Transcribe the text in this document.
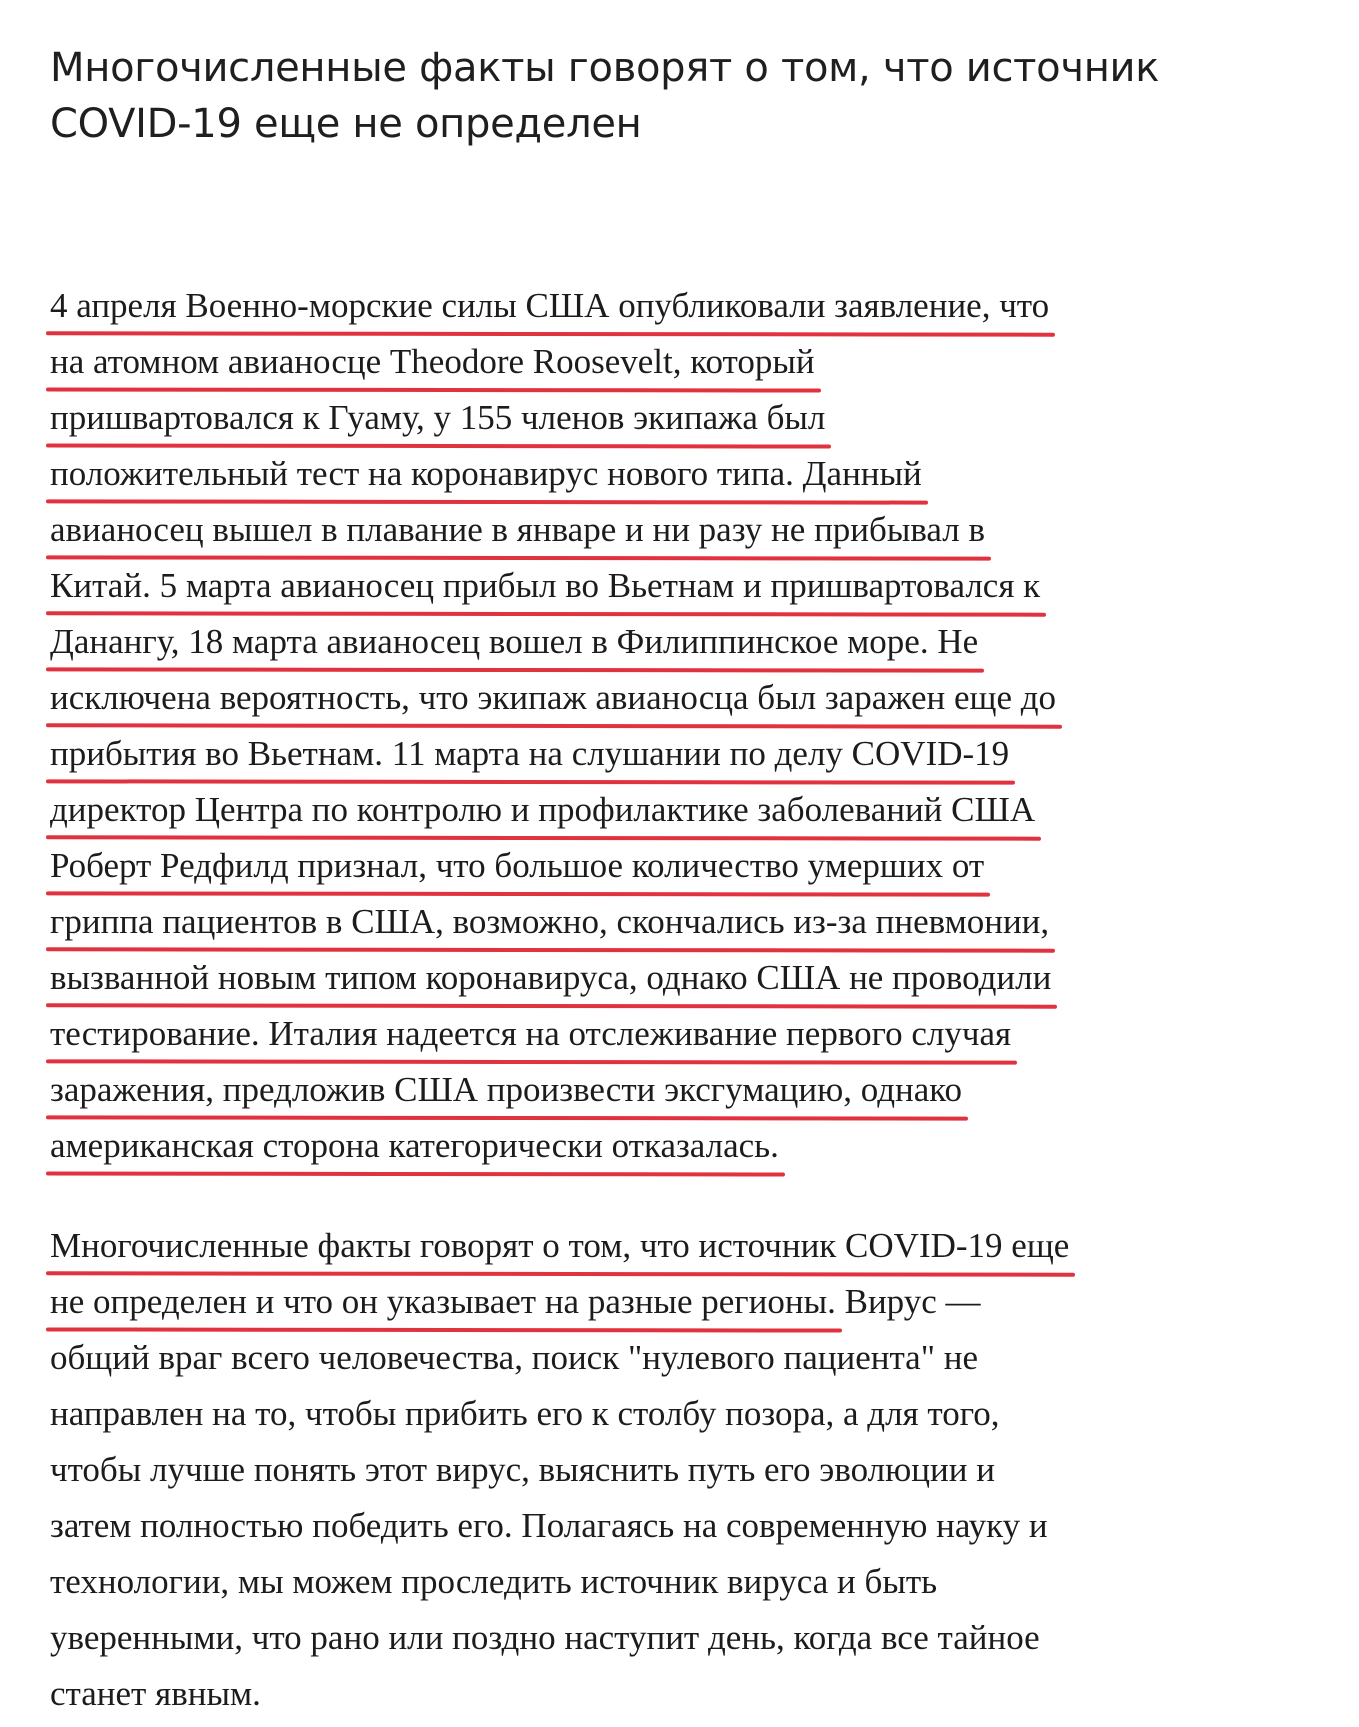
Многочисленные факты говорят о том, что источник
COVID-19 еще не определен

4 апреля Военно-морские силы США опубликовали заявление, что
на атомном авианосце Theodore Roosevelt, который
пришвартовался к Гуаму, у 155 членов экипажа был
положительный тест на коронавирус нового типа. Данный
авианосец вышел в плавание в январе и ни разу не прибывал в
Китай. 5 марта авианосец прибыл во Вьетнам и пришвартовался к
Данангу, 18 марта авианосец вошел в Филиппинское море. Не
исключена вероятность, что экипаж авианосца был заражен еще до
прибытия во Вьетнам. 11 марта на слушании по делу COVID-19
директор Центра по контролю и профилактике заболеваний США
Роберт Редфилд признал, что большое количество умерших от
гриппа пациентов в США, возможно, скончались из-за пневмонии,
вызванной новым типом коронавируса, однако США не проводили
тестирование. Италия надеется на отслеживание первого случая
заражения, предложив США произвести эксгумацию, однако
американская сторона категорически отказалась.

Многочисленные факты говорят о том, что источник COVID-19 еще
не определен и что он указывает на разные регионы. Вирус —
общий враг всего человечества, поиск "нулевого пациента" не
направлен на то, чтобы прибить его к столбу позора, а для того,
чтобы лучше понять этот вирус, выяснить путь его эволюции и
затем полностью победить его. Полагаясь на современную науку и
технологии, мы можем проследить источник вируса и быть
уверенными, что рано или поздно наступит день, когда все тайное
станет явным.
